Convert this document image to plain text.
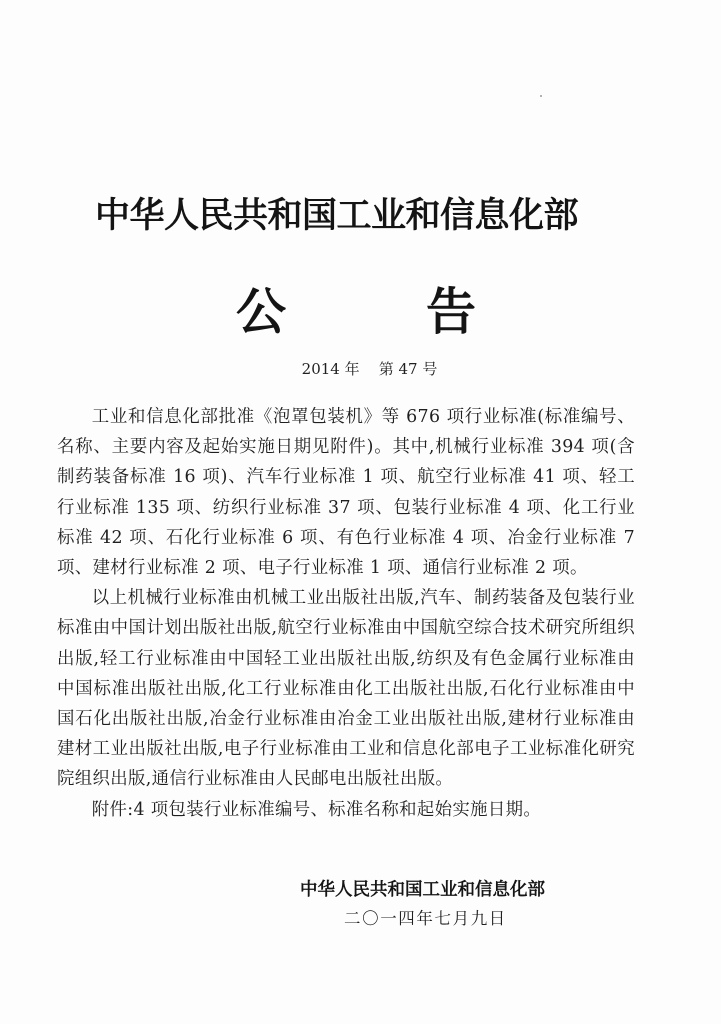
中华人民共和国工业和信息化部
公	告
2014 年 第 47 号

工业和信息化部批准《泡罩包装机》等 676 项行业标准(标准编号、名称、主要内容及起始实施日期见附件)。其中,机械行业标准 394 项(含制药装备标准 16 项)、汽车行业标准 1 项、航空行业标准 41 项、轻工行业标准 135 项、纺织行业标准 37 项、包装行业标准 4 项、化工行业标准 42 项、石化行业标准 6 项、有色行业标准 4 项、冶金行业标准 7 项、建材行业标准 2 项、电子行业标准 1 项、通信行业标准 2 项。

以上机械行业标准由机械工业出版社出版,汽车、制药装备及包装行业标准由中国计划出版社出版,航空行业标准由中国航空综合技术研究所组织出版,轻工行业标准由中国轻工业出版社出版,纺织及有色金属行业标准由中国标准出版社出版,化工行业标准由化工出版社出版,石化行业标准由中国石化出版社出版,冶金行业标准由冶金工业出版社出版,建材行业标准由建材工业出版社出版,电子行业标准由工业和信息化部电子工业标准化研究院组织出版,通信行业标准由人民邮电出版社出版。

附件:4 项包装行业标准编号、标准名称和起始实施日期。

中华人民共和国工业和信息化部
二〇一四年七月九日
